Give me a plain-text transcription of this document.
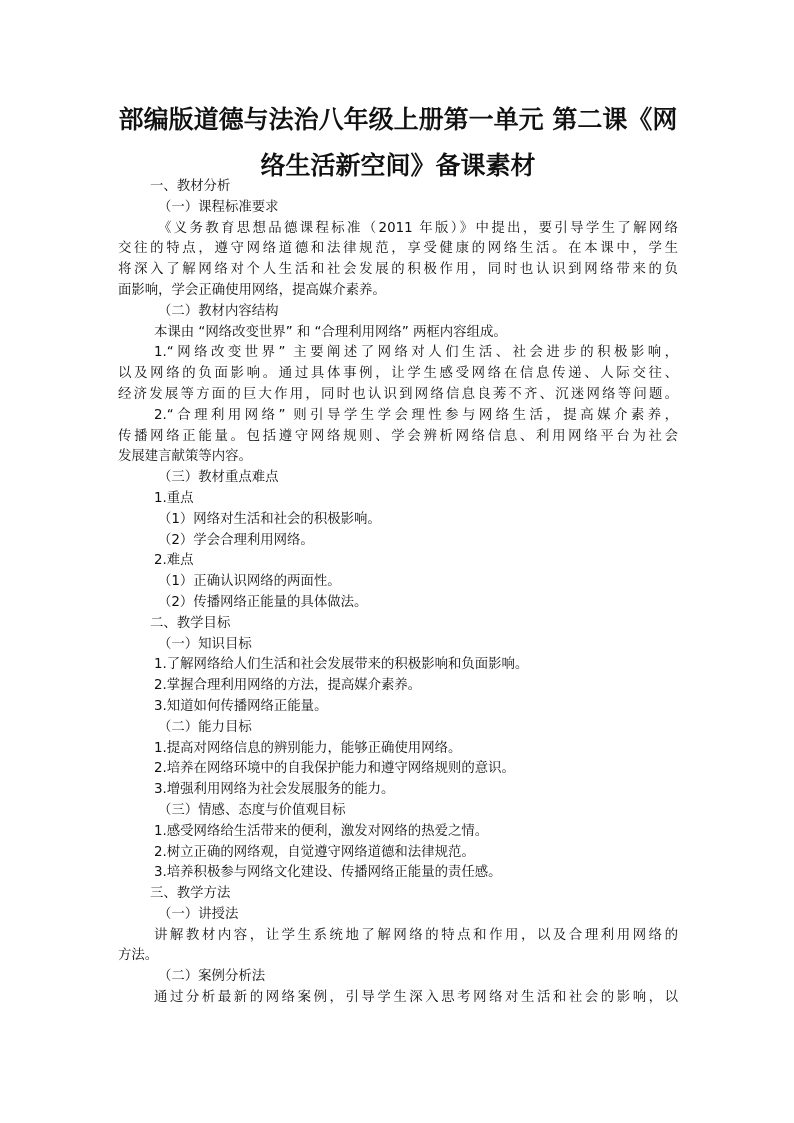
部编版道德与法治八年级上册第一单元 第二课《网
络生活新空间》备课素材

一、教材分析

（一）课程标准要求

《义务教育思想品德课程标准（2011 年版）》中提出，要引导学生了解网络

交往的特点，遵守网络道德和法律规范，享受健康的网络生活。在本课中，学生

将深入了解网络对个人生活和社会发展的积极作用，同时也认识到网络带来的负

面影响，学会正确使用网络，提高媒介素养。

（二）教材内容结构

本课由 “网络改变世界” 和 “合理利用网络” 两框内容组成。

1.“网络改变世界” 主要阐述了网络对人们生活、社会进步的积极影响，

以及网络的负面影响。通过具体事例，让学生感受网络在信息传递、人际交往、

经济发展等方面的巨大作用，同时也认识到网络信息良莠不齐、沉迷网络等问题。

2.“合理利用网络” 则引导学生学会理性参与网络生活，提高媒介素养，

传播网络正能量。包括遵守网络规则、学会辨析网络信息、利用网络平台为社会

发展建言献策等内容。

（三）教材重点难点

1.重点

（1）网络对生活和社会的积极影响。

（2）学会合理利用网络。

2.难点

（1）正确认识网络的两面性。

（2）传播网络正能量的具体做法。

二、教学目标

（一）知识目标

1.了解网络给人们生活和社会发展带来的积极影响和负面影响。

2.掌握合理利用网络的方法，提高媒介素养。

3.知道如何传播网络正能量。

（二）能力目标

1.提高对网络信息的辨别能力，能够正确使用网络。

2.培养在网络环境中的自我保护能力和遵守网络规则的意识。

3.增强利用网络为社会发展服务的能力。

（三）情感、态度与价值观目标

1.感受网络给生活带来的便利，激发对网络的热爱之情。

2.树立正确的网络观，自觉遵守网络道德和法律规范。

3.培养积极参与网络文化建设、传播网络正能量的责任感。

三、教学方法

（一）讲授法

讲解教材内容，让学生系统地了解网络的特点和作用，以及合理利用网络的

方法。

（二）案例分析法

通过分析最新的网络案例，引导学生深入思考网络对生活和社会的影响，以
